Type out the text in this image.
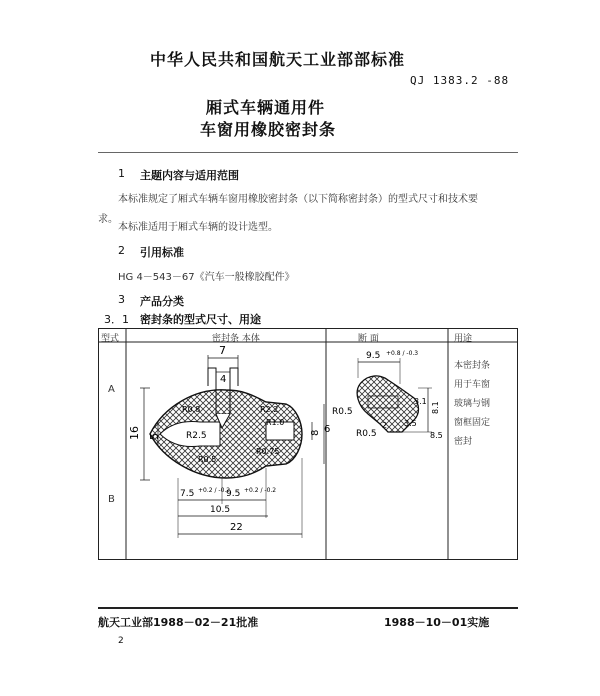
中华人民共和国航天工业部部标准
QJ 1383.2 -88
厢式车辆通用件
车窗用橡胶密封条
1 主题内容与适用范围
本标准规定了厢式车辆车窗用橡胶密封条（以下简称密封条）的型式尺寸和技术要
求。
本标准适用于厢式车辆的设计选型。
2 引用标准
HG 4－543－67《汽车一般橡胶配件》
3 产品分类
3．1 密封条的型式尺寸、用途
7
4
R0.8	R2.2
R1.0
16 5	R2.5
R0.5
R0.75
8 6
7.5 +0.2 / -0.2
9.5 +0.2 / -0.2
10.5
22
9.5 +0.8 / -0.3
R0.5
R0.5
2 3.5
3.1 8.1
8.5
型式	密封条 本体	断 面	用途
A
B
本密封条
用于车窗
玻璃与钢
窗框固定
密封
航天工业部1988－02－21批准	1988－10－01实施
2
